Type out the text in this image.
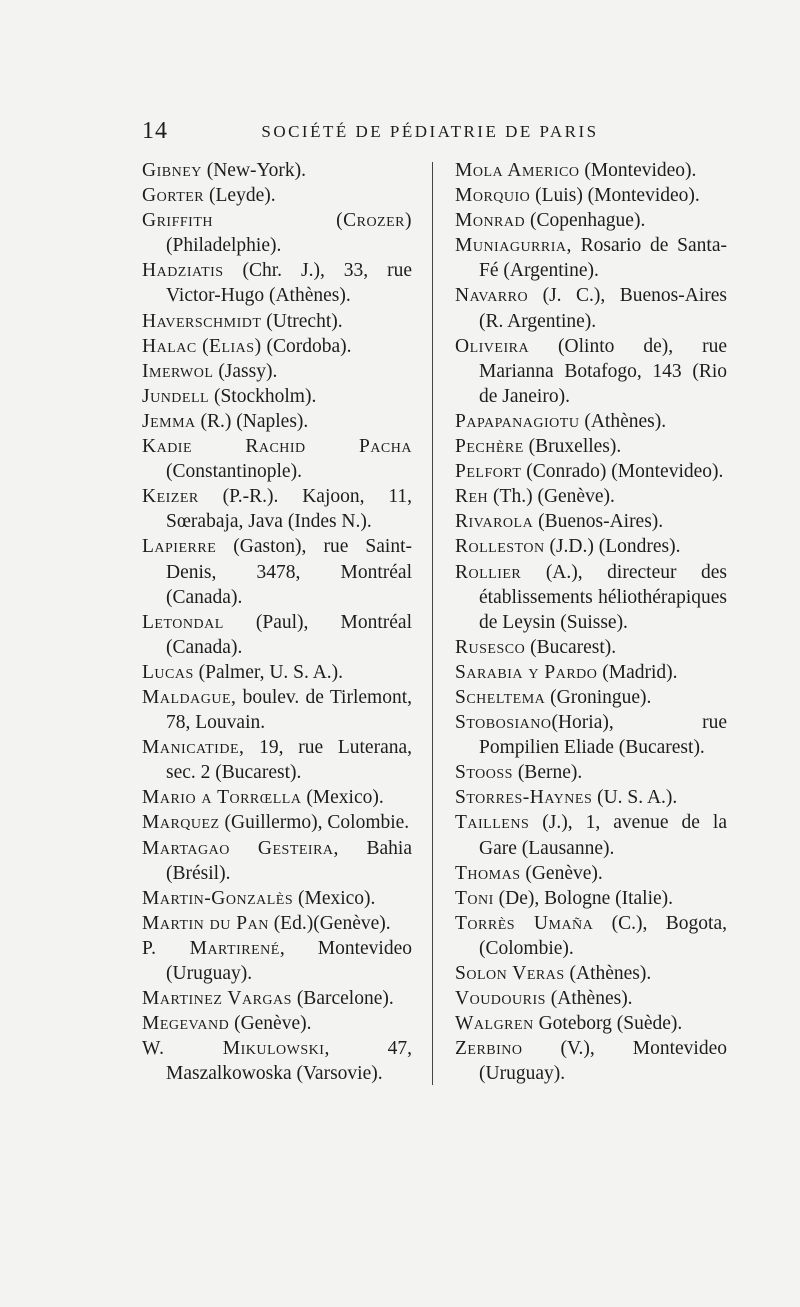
14	SOCIÉTÉ DE PÉDIATRIE DE PARIS

Gibney (New-York).

Gorter (Leyde).

Griffith (Crozer) (Philadelphie).

Hadziatis (Chr. J.), 33, rue Victor-Hugo (Athènes).

Haverschmidt (Utrecht).

Halac (Elias) (Cordoba).

Imerwol (Jassy).

Jundell (Stockholm).

Jemma (R.) (Naples).

Kadie Rachid Pacha (Constantinople).

Keizer (P.-R.). Kajoon, 11, Sœrabaja, Java (Indes N.).

Lapierre (Gaston), rue Saint-Denis, 3478, Montréal (Canada).

Letondal (Paul), Montréal (Canada).

Lucas (Palmer, U. S. A.).

Maldague, boulev. de Tirlemont, 78, Louvain.

Manicatide, 19, rue Luterana, sec. 2 (Bucarest).

Mario a Torrœlla (Mexico).

Marquez (Guillermo), Colombie.

Martagao Gesteira, Bahia (Brésil).

Martin-Gonzalès (Mexico).

Martin du Pan (Ed.)(Genève).

P. Martirené, Montevideo (Uruguay).

Martinez Vargas (Barcelone).

Megevand (Genève).

W. Mikulowski, 47, Maszalkowoska (Varsovie).

Mola Americo (Montevideo).

Morquio (Luis) (Montevideo).

Monrad (Copenhague).

Muniagurria, Rosario de Santa-Fé (Argentine).

Navarro (J. C.), Buenos-Aires (R. Argentine).

Oliveira (Olinto de), rue Marianna Botafogo, 143 (Rio de Janeiro).

Papapanagiotu (Athènes).

Pechère (Bruxelles).

Pelfort (Conrado) (Montevideo).

Reh (Th.) (Genève).

Rivarola (Buenos-Aires).

Rolleston (J.D.) (Londres).

Rollier (A.), directeur des établissements héliothérapiques de Leysin (Suisse).

Rusesco (Bucarest).

Sarabia y Pardo (Madrid).

Scheltema (Groningue).

Stobosiano(Horia), rue Pompilien Eliade (Bucarest).

Stooss (Berne).

Storres-Haynes (U. S. A.).

Taillens (J.), 1, avenue de la Gare (Lausanne).

Thomas (Genève).

Toni (De), Bologne (Italie).

Torrès Umaña (C.), Bogota, (Colombie).

Solon Veras (Athènes).

Voudouris (Athènes).

Walgren Goteborg (Suède).

Zerbino (V.), Montevideo (Uruguay).
